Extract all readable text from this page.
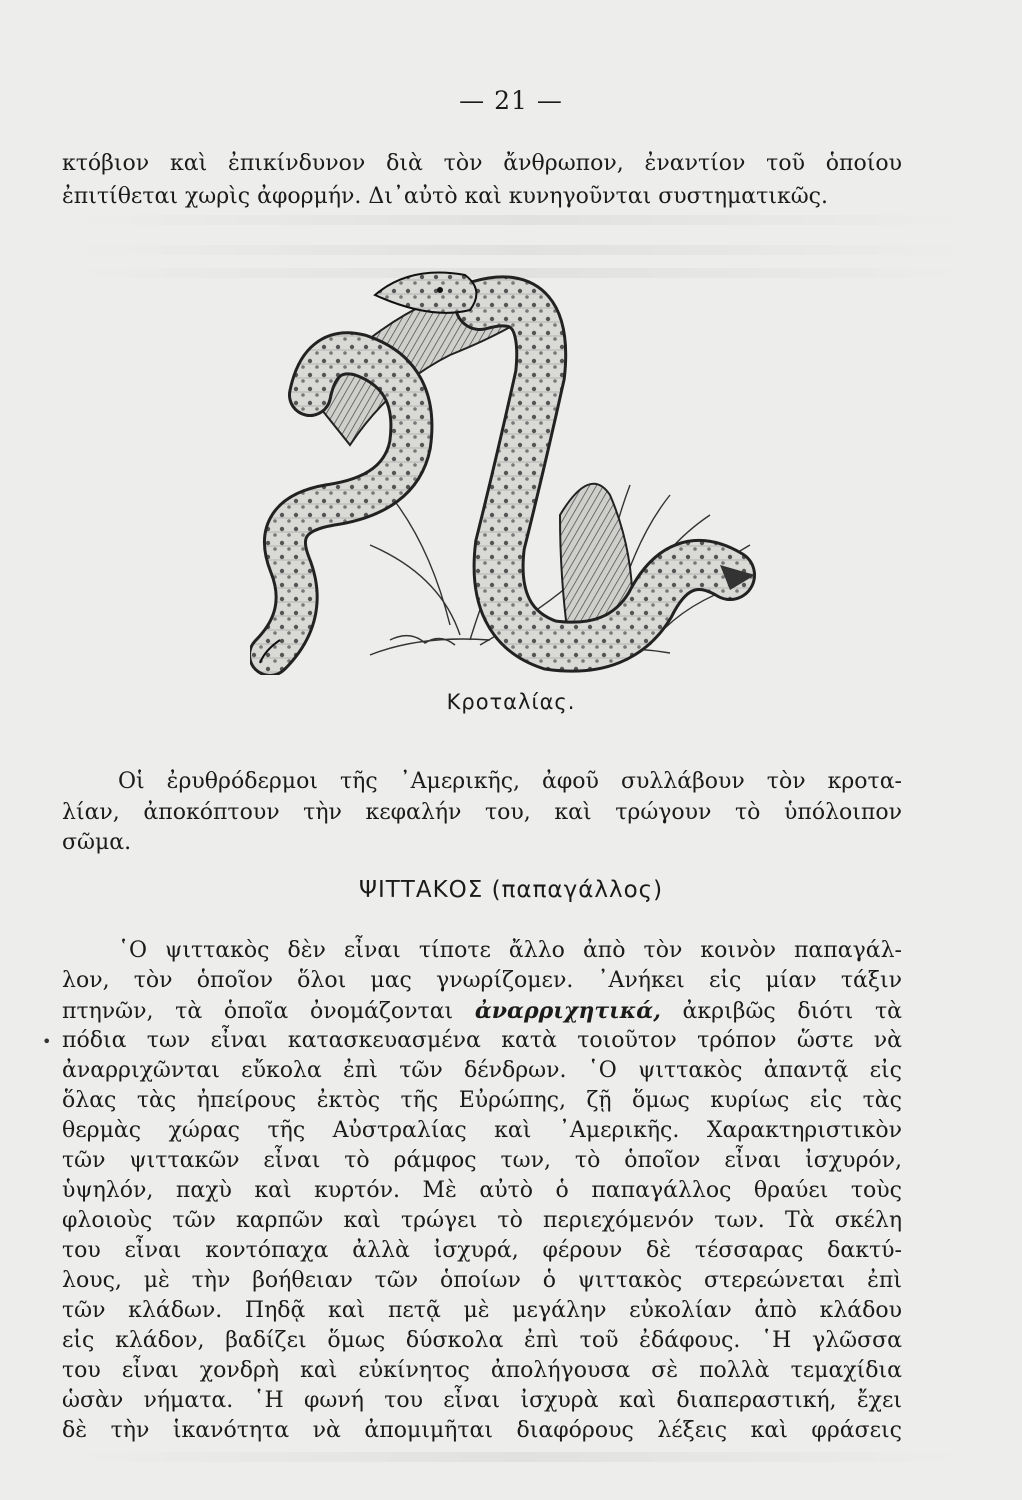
— 21 —
κτόβιον καὶ ἐπικίνδυνον διὰ τὸν ἄνθρωπον, ἐναντίον τοῦ ὁποίου
ἐπιτίθεται χωρὶς ἀφορμήν. Δι᾽αὐτὸ καὶ κυνηγοῦνται συστηματικῶς.
Κροταλίας.
Οἱ ἐρυθρόδερμοι τῆς ᾽Αμερικῆς, ἀφοῦ συλλάβουν τὸν κροτα-
λίαν, ἀποκόπτουν τὴν κεφαλήν του, καὶ τρώγουν τὸ ὑπόλοιπον
σῶμα.
ΨΙΤΤΑΚΟΣ (παπαγάλλος)
῾Ο ψιττακὸς δὲν εἶναι τίποτε ἄλλο ἀπὸ τὸν κοινὸν παπαγάλ-
λον, τὸν ὁποῖον ὅλοι μας γνωρίζομεν. ᾽Ανήκει εἰς μίαν τάξιν
πτηνῶν, τὰ ὁποῖα ὀνομάζονται ἀναρριχητικά, ἀκριβῶς διότι τὰ
• πόδια των εἶναι κατασκευασμένα κατὰ τοιοῦτον τρόπον ὥστε νὰ
ἀναρριχῶνται εὔκολα ἐπὶ τῶν δένδρων. ῾Ο ψιττακὸς ἀπαντᾷ εἰς
ὅλας τὰς ἠπείρους ἐκτὸς τῆς Εὐρώπης, ζῇ ὅμως κυρίως εἰς τὰς
θερμὰς χώρας τῆς Αὐστραλίας καὶ ᾽Αμερικῆς. Χαρακτηριστικὸν
τῶν ψιττακῶν εἶναι τὸ ράμφος των, τὸ ὁποῖον εἶναι ἰσχυρόν,
ὑψηλόν, παχὺ καὶ κυρτόν. Μὲ αὐτὸ ὁ παπαγάλλος θραύει τοὺς
φλοιοὺς τῶν καρπῶν καὶ τρώγει τὸ περιεχόμενόν των. Τὰ σκέλη
του εἶναι κοντόπαχα ἀλλὰ ἰσχυρά, φέρουν δὲ τέσσαρας δακτύ-
λους, μὲ τὴν βοήθειαν τῶν ὁποίων ὁ ψιττακὸς στερεώνεται ἐπὶ
τῶν κλάδων. Πηδᾷ καὶ πετᾷ μὲ μεγάλην εὐκολίαν ἀπὸ κλάδου
εἰς κλάδον, βαδίζει ὅμως δύσκολα ἐπὶ τοῦ ἐδάφους. ῾Η γλῶσσα
του εἶναι χονδρὴ καὶ εὐκίνητος ἀπολήγουσα σὲ πολλὰ τεμαχίδια
ὡσὰν νήματα. ῾Η φωνή του εἶναι ἰσχυρὰ καὶ διαπεραστική, ἔχει
δὲ τὴν ἱκανότητα νὰ ἀπομιμῆται διαφόρους λέξεις καὶ φράσεις
